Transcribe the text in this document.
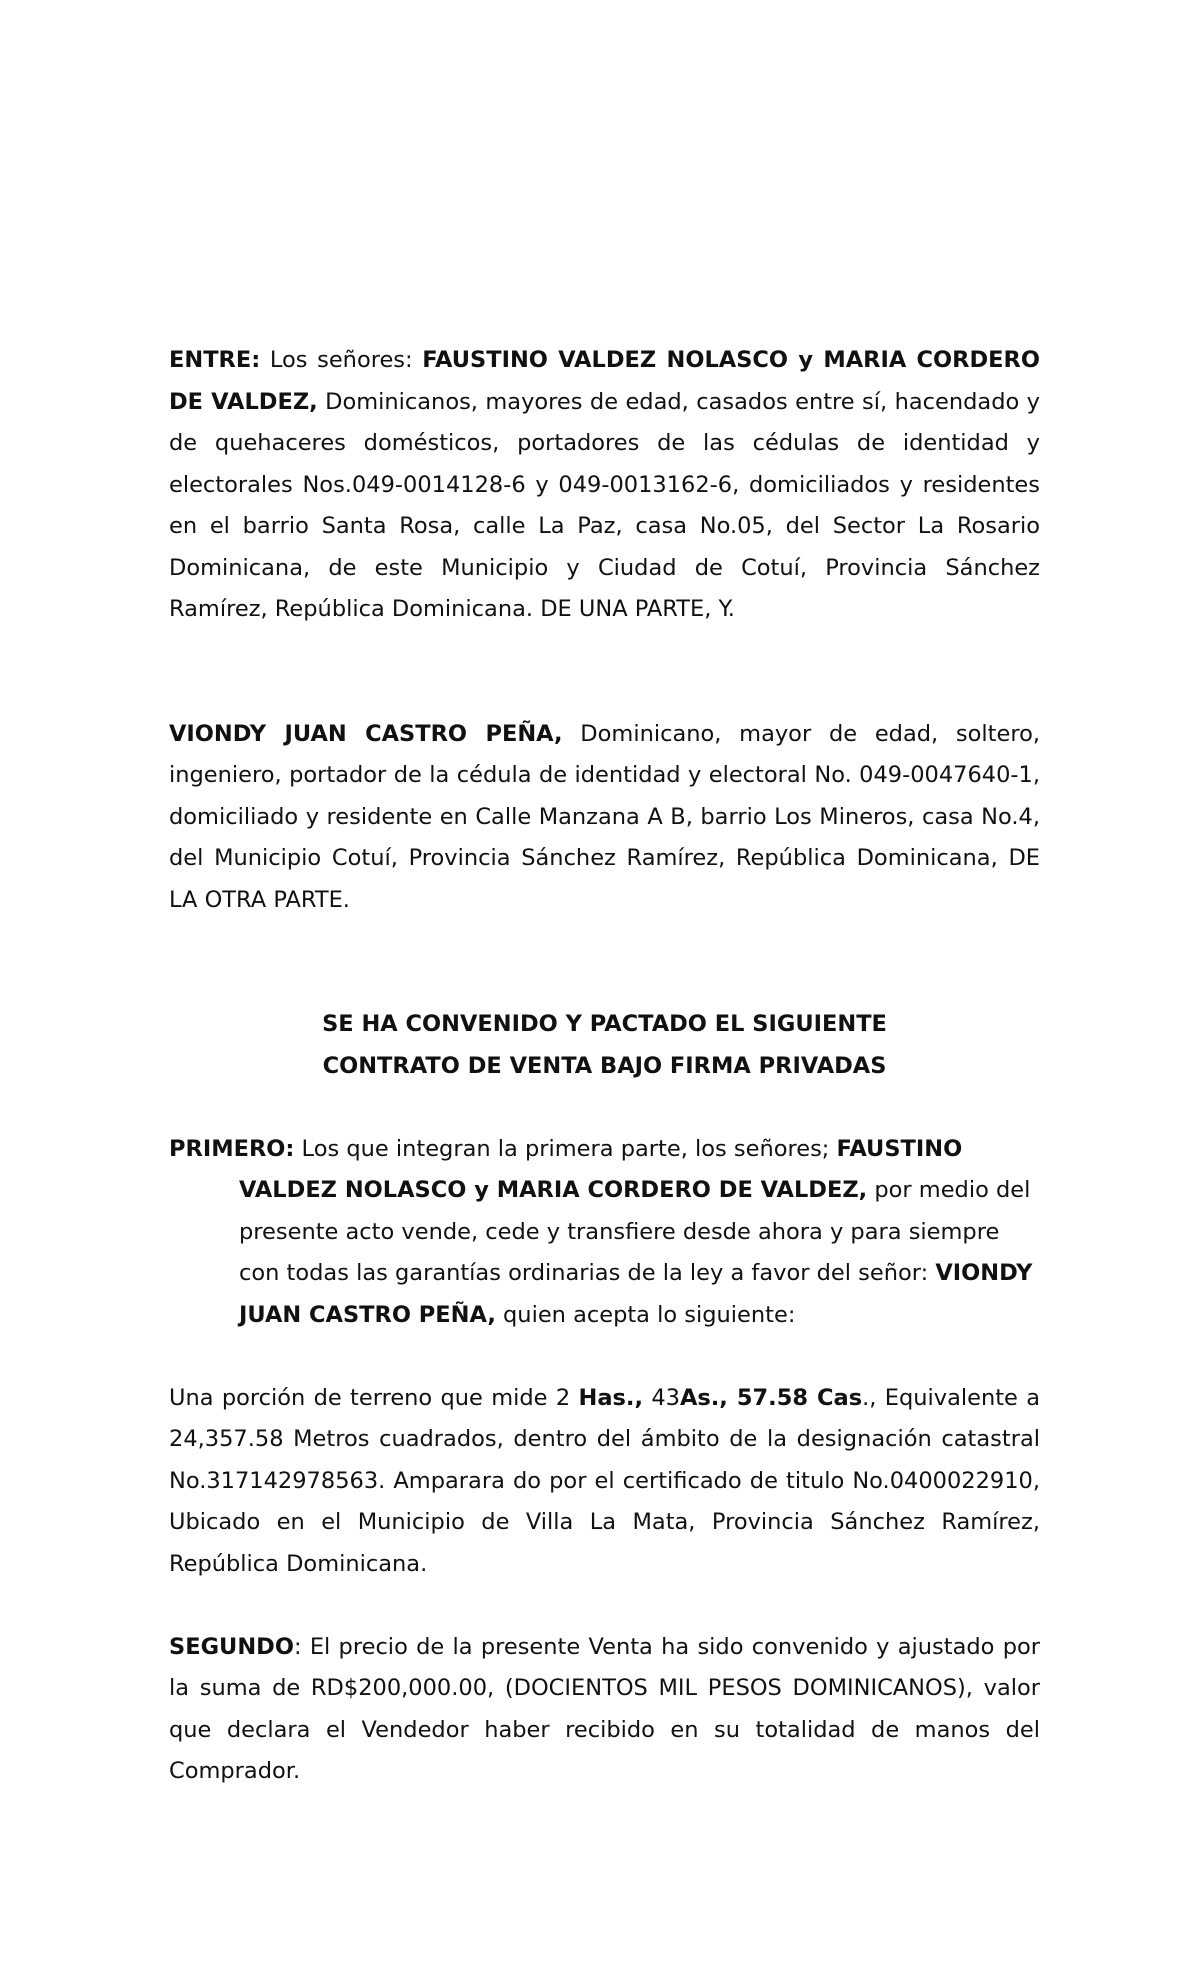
ENTRE: Los señores: FAUSTINO VALDEZ NOLASCO y MARIA CORDERO DE VALDEZ, Dominicanos, mayores de edad, casados entre sí, hacendado y de quehaceres domésticos, portadores de las cédulas de identidad y electorales Nos.049-0014128-6 y 049-0013162-6, domiciliados y residentes en el barrio Santa Rosa, calle La Paz, casa No.05, del Sector La Rosario Dominicana, de este Municipio y Ciudad de Cotuí, Provincia Sánchez Ramírez, República Dominicana. DE UNA PARTE, Y.

VIONDY JUAN CASTRO PEÑA, Dominicano, mayor de edad, soltero, ingeniero, portador de la cédula de identidad y electoral No. 049-0047640-1, domiciliado y residente en Calle Manzana A B, barrio Los Mineros, casa No.4, del Municipio Cotuí, Provincia Sánchez Ramírez, República Dominicana, DE LA OTRA PARTE.

SE HA CONVENIDO Y PACTADO EL SIGUIENTE

CONTRATO DE VENTA BAJO FIRMA PRIVADAS

PRIMERO: Los que integran la primera parte, los señores; FAUSTINO VALDEZ NOLASCO y MARIA CORDERO DE VALDEZ, por medio del presente acto vende, cede y transfiere desde ahora y para siempre con todas las garantías ordinarias de la ley a favor del señor: VIONDY JUAN CASTRO PEÑA, quien acepta lo siguiente:

Una porción de terreno que mide 2 Has., 43As., 57.58 Cas., Equivalente a 24,357.58 Metros cuadrados, dentro del ámbito de la designación catastral No.317142978563. Amparara do por el certificado de titulo No.0400022910, Ubicado en el Municipio de Villa La Mata, Provincia Sánchez Ramírez, República Dominicana.

SEGUNDO: El precio de la presente Venta ha sido convenido y ajustado por la suma de RD$200,000.00, (DOCIENTOS MIL PESOS DOMINICANOS), valor que declara el Vendedor haber recibido en su totalidad de manos del Comprador.
